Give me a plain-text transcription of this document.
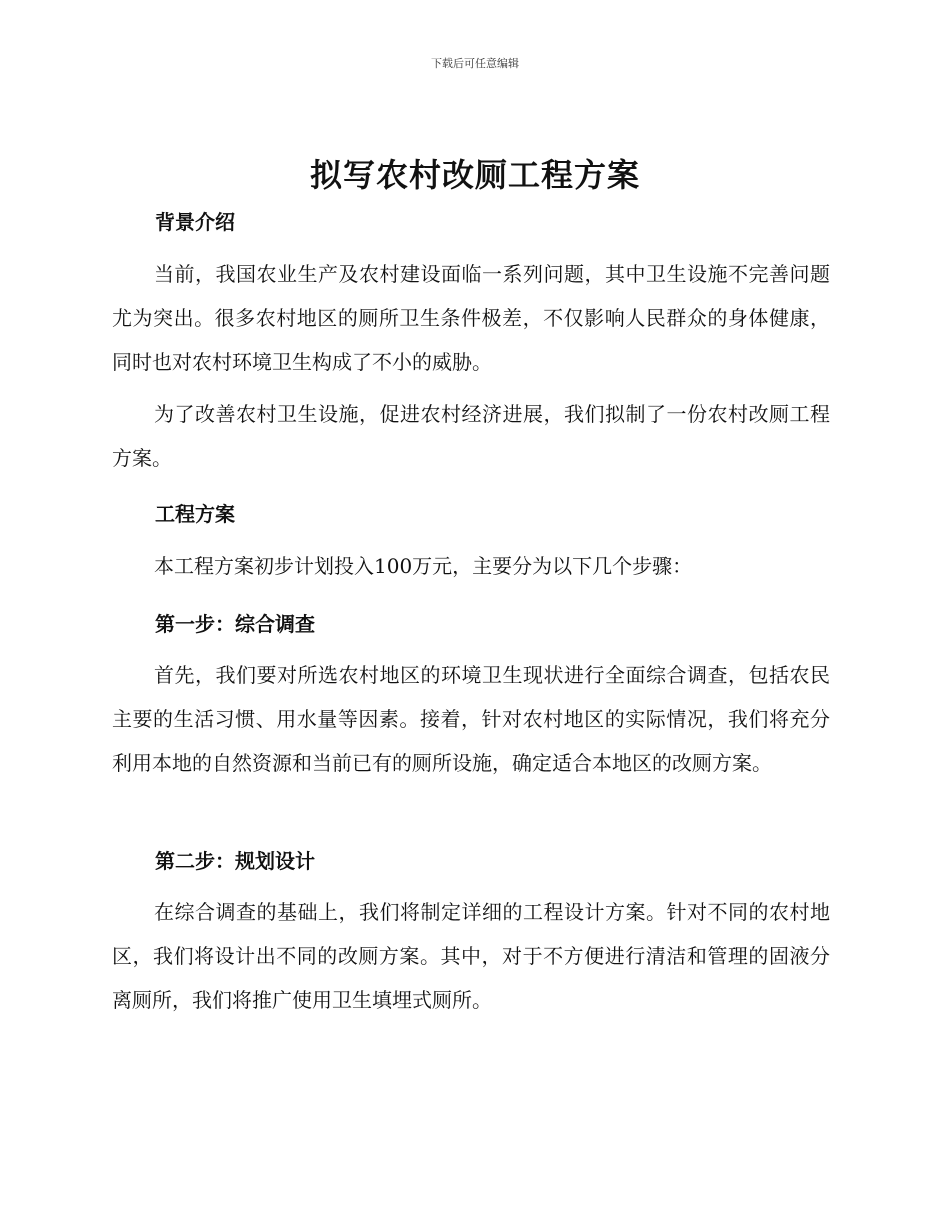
下载后可任意编辑
拟写农村改厕工程方案
背景介绍

当前，我国农业生产及农村建设面临一系列问题，其中卫生设施不完善问题尤为突出。很多农村地区的厕所卫生条件极差，不仅影响人民群众的身体健康，同时也对农村环境卫生构成了不小的威胁。

为了改善农村卫生设施，促进农村经济进展，我们拟制了一份农村改厕工程方案。

工程方案

本工程方案初步计划投入100万元，主要分为以下几个步骤：

第一步：综合调查

首先，我们要对所选农村地区的环境卫生现状进行全面综合调查，包括农民主要的生活习惯、用水量等因素。接着，针对农村地区的实际情况，我们将充分利用本地的自然资源和当前已有的厕所设施，确定适合本地区的改厕方案。

第二步：规划设计

在综合调查的基础上，我们将制定详细的工程设计方案。针对不同的农村地区，我们将设计出不同的改厕方案。其中，对于不方便进行清洁和管理的固液分离厕所，我们将推广使用卫生填埋式厕所。
